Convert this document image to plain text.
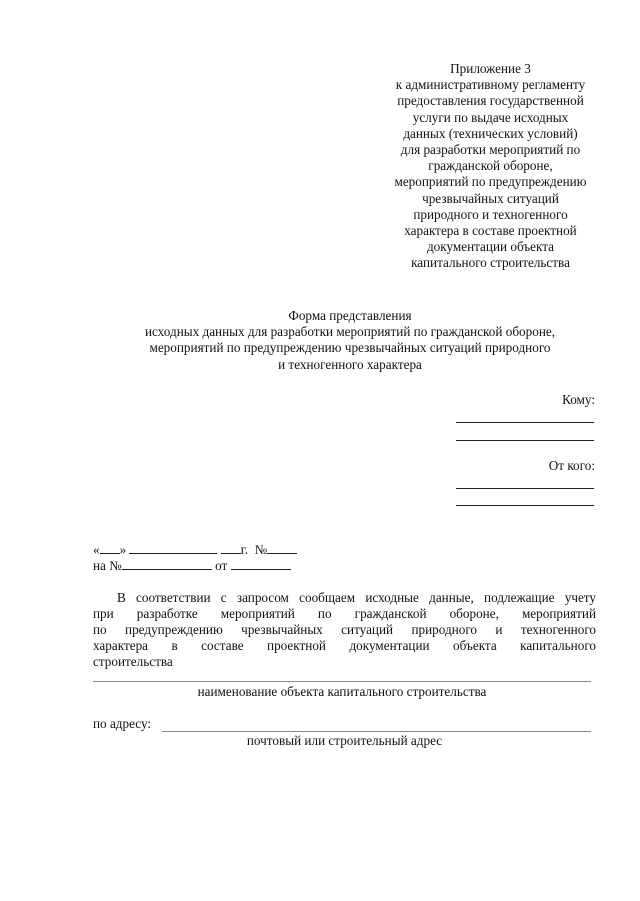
Приложение 3
к административному регламенту
предоставления государственной
услуги по выдаче исходных
данных (технических условий)
для разработки мероприятий по
гражданской обороне,
мероприятий по предупреждению
чрезвычайных ситуаций
природного и техногенного
характера в составе проектной
документации объекта
капитального строительства
Форма представления
исходных данных для разработки мероприятий по гражданской обороне,
мероприятий по предупреждению чрезвычайных ситуаций природного
и техногенного характера
Кому:
От кого:
« »	г. №
на №	от
В соответствии с запросом сообщаем исходные данные, подлежащие учету
при разработке мероприятий по гражданской обороне, мероприятий
по предупреждению чрезвычайных ситуаций природного и техногенного
характера в составе проектной документации объекта капитального
строительства
наименование объекта капитального строительства
по адресу:
почтовый или строительный адрес
